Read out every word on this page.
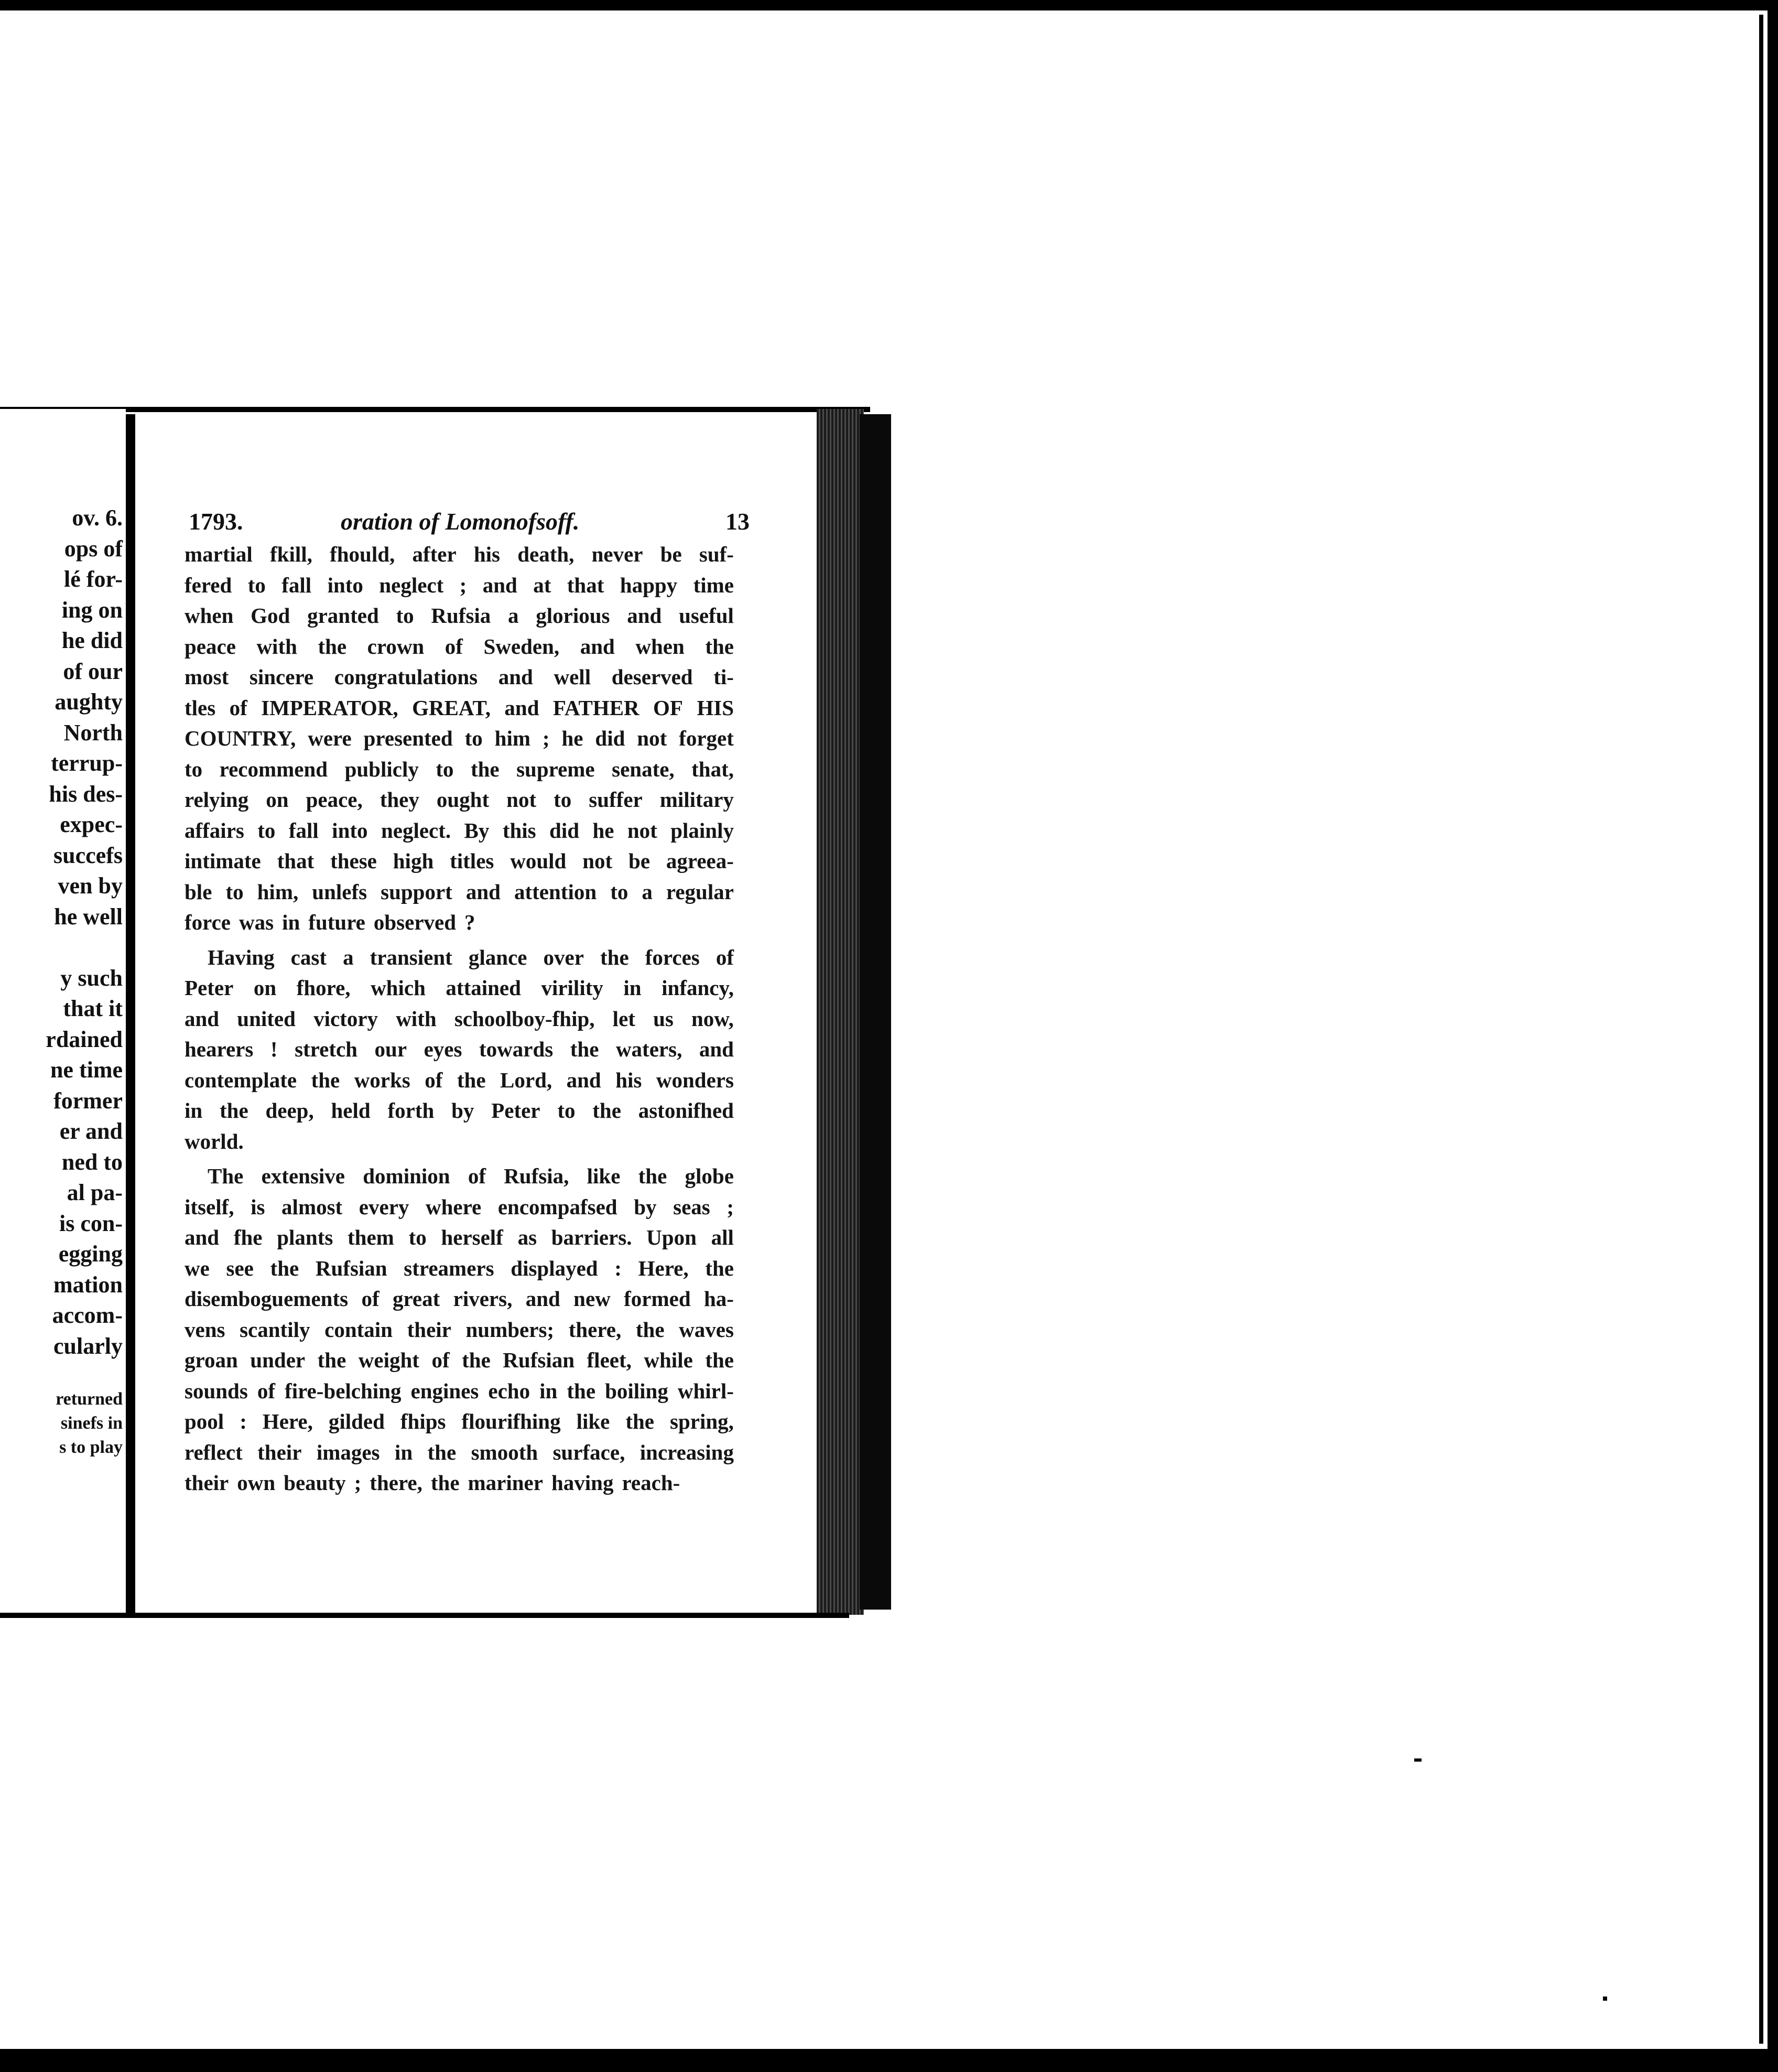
ov. 6.
ops of
lé for-
ing on
he did
of our
aughty
North
terrup-
his des-
expec-
succefs
ven by
he well
y such
that it
rdained
ne time
former
er and
ned to
al pa-
is con-
egging
mation
accom-
cularly
returned
sinefs in
s to play
1793.	oration of Lomonofsoff.	13
martial fkill, fhould, after his death, never be suf-
fered to fall into neglect ; and at that happy time
when God granted to Rufsia a glorious and useful
peace with the crown of Sweden, and when the
most sincere congratulations and well deserved ti-
tles of IMPERATOR, GREAT, and FATHER OF HIS
COUNTRY, were presented to him ; he did not forget
to recommend publicly to the supreme senate, that,
relying on peace, they ought not to suffer military
affairs to fall into neglect. By this did he not plainly
intimate that these high titles would not be agreea-
ble to him, unlefs support and attention to a regular
force was in future observed ?
Having cast a transient glance over the forces of
Peter on fhore, which attained virility in infancy,
and united victory with schoolboy-fhip, let us now,
hearers ! stretch our eyes towards the waters, and
contemplate the works of the Lord, and his wonders
in the deep, held forth by Peter to the astonifhed
world.
The extensive dominion of Rufsia, like the globe
itself, is almost every where encompafsed by seas ;
and fhe plants them to herself as barriers. Upon all
we see the Rufsian streamers displayed : Here, the
disemboguements of great rivers, and new formed ha-
vens scantily contain their numbers; there, the waves
groan under the weight of the Rufsian fleet, while the
sounds of fire-belching engines echo in the boiling whirl-
pool : Here, gilded fhips flourifhing like the spring,
reflect their images in the smooth surface, increasing
their own beauty ; there, the mariner having reach-
